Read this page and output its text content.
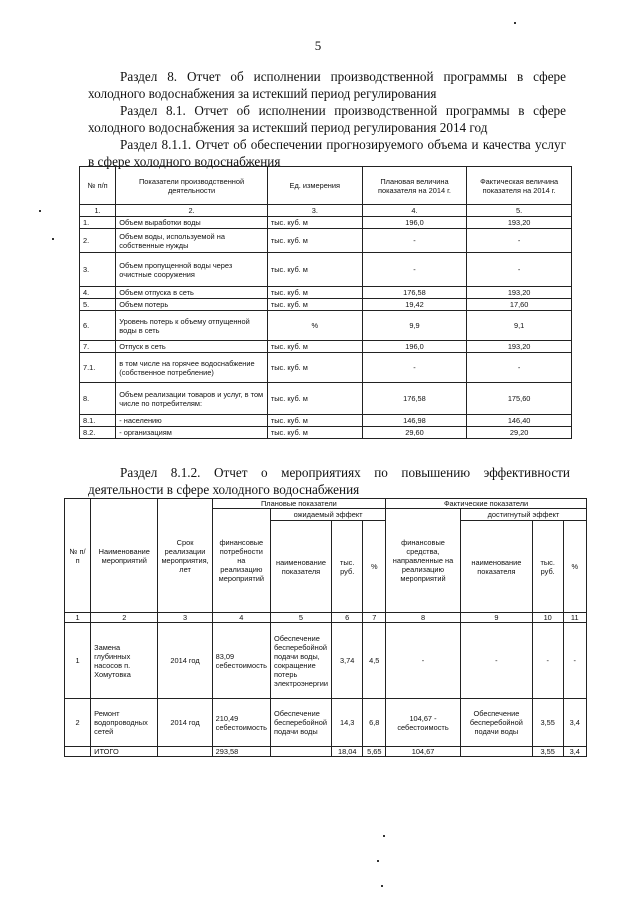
5
Раздел 8. Отчет об исполнении производственной программы в сфере холодного водоснабжения за истекший период регулирования
Раздел 8.1. Отчет об исполнении производственной программы в сфере холодного водоснабжения за истекший период регулирования 2014 год
Раздел 8.1.1. Отчет об обеспечении прогнозируемого объема и качества услуг в сфере холодного водоснабжения
№ п/п	Показатели производственной деятельности	Ед. измерения	Плановая величина показателя на 2014 г.	Фактическая величина показателя на 2014 г.
1.	2.	3.	4.	5.
1.	Объем выработки воды	тыс. куб. м	196,0	193,20
2.	Объем воды, используемой на собственные нужды	тыс. куб. м	-	-
3.	Объем пропущенной воды через очистные сооружения	тыс. куб. м	-	-
4.	Объем отпуска в сеть	тыс. куб. м	176,58	193,20
5.	Объем потерь	тыс. куб. м	19,42	17,60
6.	Уровень потерь к объему отпущенной воды в сеть	%	9,9	9,1
7.	Отпуск в сеть	тыс. куб. м	196,0	193,20
7.1.	в том числе на горячее водоснабжение (собственное потребление)	тыс. куб. м	-	-
8.	Объем реализации товаров и услуг, в том числе по потребителям:	тыс. куб. м	176,58	175,60
8.1.	- населению	тыс. куб. м	146,98	146,40
8.2.	- организациям	тыс. куб. м	29,60	29,20
Раздел 8.1.2. Отчет о мероприятиях по повышению эффективности деятельности в сфере холодного водоснабжения
№ п/п	Наименование мероприятий	Срок реализации мероприятия, лет	Плановые показатели				Фактические показатели			
			финансовые потребности на реализацию мероприятий	ожидаемый эффект			финансовые средства, направленные на реализацию мероприятий	достигнутый эффект		
				наименование показателя	тыс. руб.	%		наименование показателя	тыс. руб.	%
1	2	3	4	5	6	7	8	9	10	11
1	Замена глубинных насосов п. Хомутовка	2014 год	83,09 себестоимость	Обеспечение бесперебойной подачи воды, сокращение потерь электроэнергии	3,74	4,5	-	-	-	-
2	Ремонт водопроводных сетей	2014 год	210,49 себестоимость	Обеспечение бесперебойной подачи воды	14,3	6,8	104,67 - себестоимость	Обеспечение бесперебойной подачи воды	3,55	3,4
	ИТОГО		293,58		18,04	5,65	104,67		3,55	3,4
